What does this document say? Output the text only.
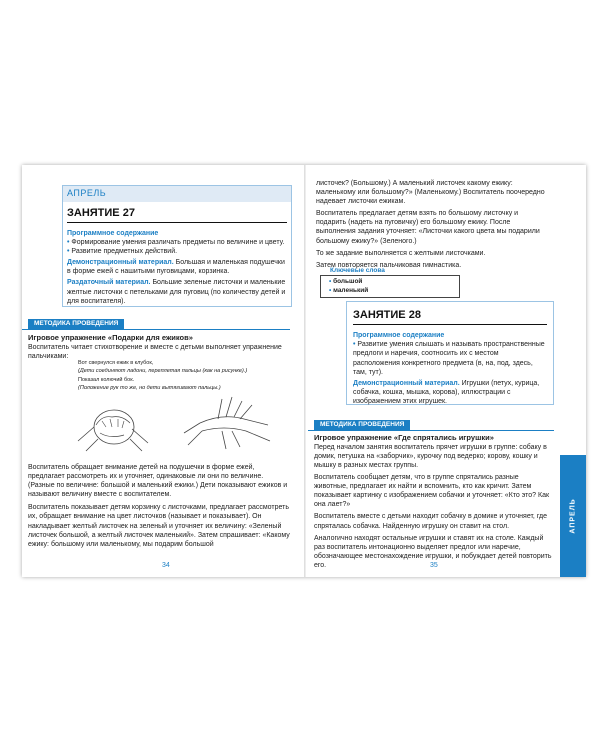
АПРЕЛЬ
ЗАНЯТИЕ 27
Программное содержание

• Формирование умения различать предметы по величине и цвету.

• Развитие предметных действий.

Демонстрационный материал. Большая и маленькая подушечки в форме ежей с нашитыми пуговицами, корзинка.

Раздаточный материал. Большие зеленые листочки и маленькие желтые листочки с петельками для пуговиц (по количеству детей и для воспитателя).

МЕТОДИКА ПРОВЕДЕНИЯ

Игровое упражнение «Подарки для ежиков»

Воспитатель читает стихотворение и вместе с детьми выполняет упражнение пальчиками:

Вот свернулся ежик в клубок,

(Дети соединяют ладони, переплетая пальцы (как на рисунке).)

Показал колючий бок.

(Положение рук то же, но дети вытягивают пальцы.)

Воспитатель обращает внимание детей на подушечки в форме ежей, предлагает рассмотреть их и уточняет, одинаковые ли они по величине. (Разные по величине: большой и маленький ежики.) Дети показывают ежиков и называют величину вместе с воспитателем.

Воспитатель показывает детям корзинку с листочками, предлагает рассмотреть их, обращает внимание на цвет листочков (называет и показывает). Он накладывает желтый листочек на зеленый и уточняет их величину: «Зеленый листочек большой, а желтый листочек маленький». Затем спрашивает: «Какому ежику: большому или маленькому, мы подарим большой

34

листочек? (Большому.) А маленький листочек какому ежику: маленькому или большому?» (Маленькому.) Воспитатель поочередно надевает листочки ежикам.

Воспитатель предлагает детям взять по большому листочку и подарить (надеть на пуговичку) его большому ежику. После выполнения задания уточняет: «Листочки какого цвета мы подарили большому ежику?» (Зеленого.)

То же задание выполняется с желтыми листочками.

Затем повторяется пальчиковая гимнастика.

Ключевые слова
• большой
• маленький
ЗАНЯТИЕ 28
Программное содержание

• Развитие умения слышать и называть пространственные предлоги и наречия, соотносить их с местом расположения конкретного предмета (в, на, под, здесь, там, тут).

Демонстрационный материал. Игрушки (петух, курица, собачка, кошка, мышка, корова), иллюстрации с изображением этих игрушек.

МЕТОДИКА ПРОВЕДЕНИЯ

Игровое упражнение «Где спрятались игрушки»

Перед началом занятия воспитатель прячет игрушки в группе: собаку в домик, петушка на «заборчик», курочку под ведерко; корову, кошку и мышку в разных местах группы.

Воспитатель сообщает детям, что в группе спрятались разные животные, предлагает их найти и вспомнить, кто как кричит. Затем показывает картинку с изображением собачки и уточняет: «Кто это? Как она лает?»

Воспитатель вместе с детьми находит собачку в домике и уточняет, где спряталась собачка. Найденную игрушку он ставит на стол.

Аналогично находят остальные игрушки и ставят их на столе. Каждый раз воспитатель интонационно выделяет предлог или наречие, обозначающее местонахождение игрушки, и побуждает детей повторить его.	35
АПРЕЛЬ
